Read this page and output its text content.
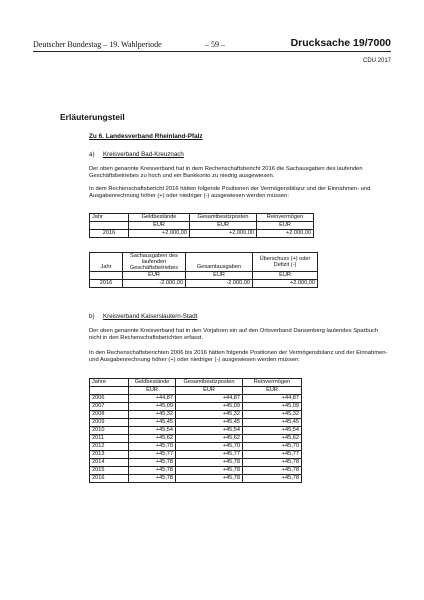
Deutscher Bundestag – 19. Wahlperiode	– 59 –	Drucksache 19/7000
CDU 2017
Erläuterungsteil
Zu 6. Landesverband Rheinland-Pfalz
a) Kreisverband Bad-Kreuznach
Der oben genannte Kreisverband hat in dem Rechenschaftsbericht 2016 die Sachausgaben des laufenden Geschäftsbetriebes zu hoch und ein Bankkonto zu niedrig ausgewiesen.
In dem Rechenschaftsbericht 2016 hätten folgende Positionen der Vermögensbilanz und der Einnahmen- und Ausgabenrechnung höher (+) oder niedriger (-) ausgewiesen werden müssen:
Jahr	Geldbestände	Gesamtbesitzposten	Reinvermögen
	EUR	EUR	EUR
2016	+2.000,00	+2.000,00	+2.000,00
Jahr	Sachausgaben des laufenden Geschäftsbetriebes	Gesamtausgaben	Überschuss (+) oder Defizit (-)
	EUR	EUR	EUR
2016	-2.000,00	-2.000,00	+2.000,00
b) Kreisverband Kaiserslautern-Stadt
Der oben genannte Kreisverband hat in den Vorjahren ein auf den Ortsverband Dansenberg lautendes Sparbuch nicht in den Rechenschaftsberichten erfasst.
In den Rechenschaftsberichten 2006 bis 2016 hätten folgende Positionen der Vermögensbilanz und der Einnahmen- und Ausgabenrechnung höher (+) oder niedriger (-) ausgewiesen werden müssen:
Jahre	Geldbestände	Gesamtbesitzposten	Reinvermögen
	EUR	EUR	EUR
2006	+44,87	+44,87	+44,87
2007	+45,09	+45,09	+45,09
2008	+45,32	+45,32	+45,32
2009	+45,45	+45,45	+45,45
2010	+45,54	+45,54	+45,54
2011	+45,62	+45,62	+45,62
2012	+45,70	+45,70	+45,70
2013	+45,77	+45,77	+45,77
2014	+45,78	+45,78	+45,78
2015	+45,78	+45,78	+45,78
2016	+45,78	+45,78	+45,78
